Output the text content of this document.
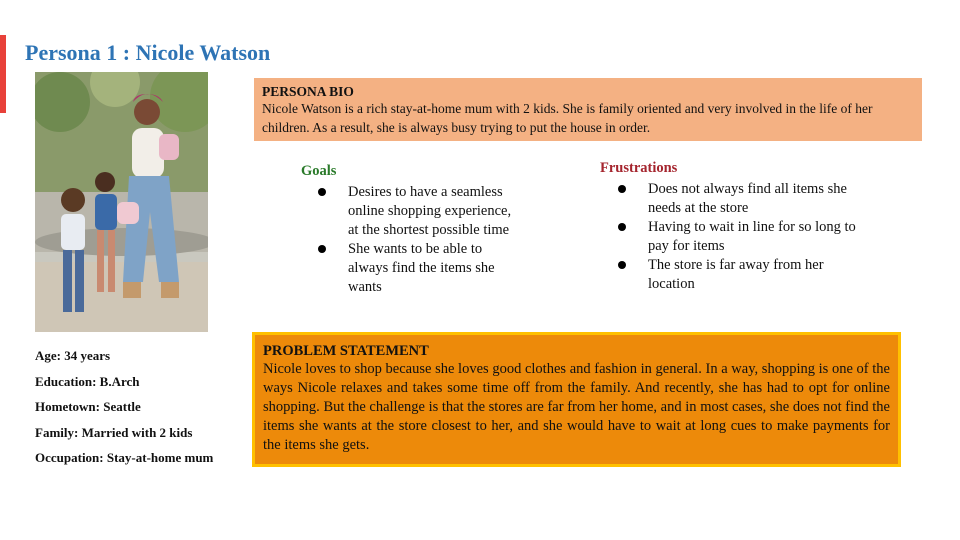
Persona 1 : Nicole Watson
Age: 34 years
Education: B.Arch
Hometown: Seattle
Family: Married with 2 kids
Occupation: Stay-at-home mum
PERSONA BIO
Nicole Watson is a rich stay-at-home mum with 2 kids. She is family oriented and very involved in the life of her children. As a result, she is always busy trying to put the house in order.
Goals
Desires to have a seamless online shopping experience, at the shortest possible time
She wants to be able to always find the items she wants
Frustrations
Does not always find all items she needs at the store
Having to wait in line for so long to pay for items
The store is far away from her location
PROBLEM STATEMENT
Nicole loves to shop because she loves good clothes and fashion in general. In a way, shopping is one of the ways Nicole relaxes and takes some time off from the family. And recently, she has had to opt for online shopping. But the challenge is that the stores are far from her home, and in most cases, she does not find the items she wants at the store closest to her, and she would have to wait at long cues to make payments for the items she gets.
